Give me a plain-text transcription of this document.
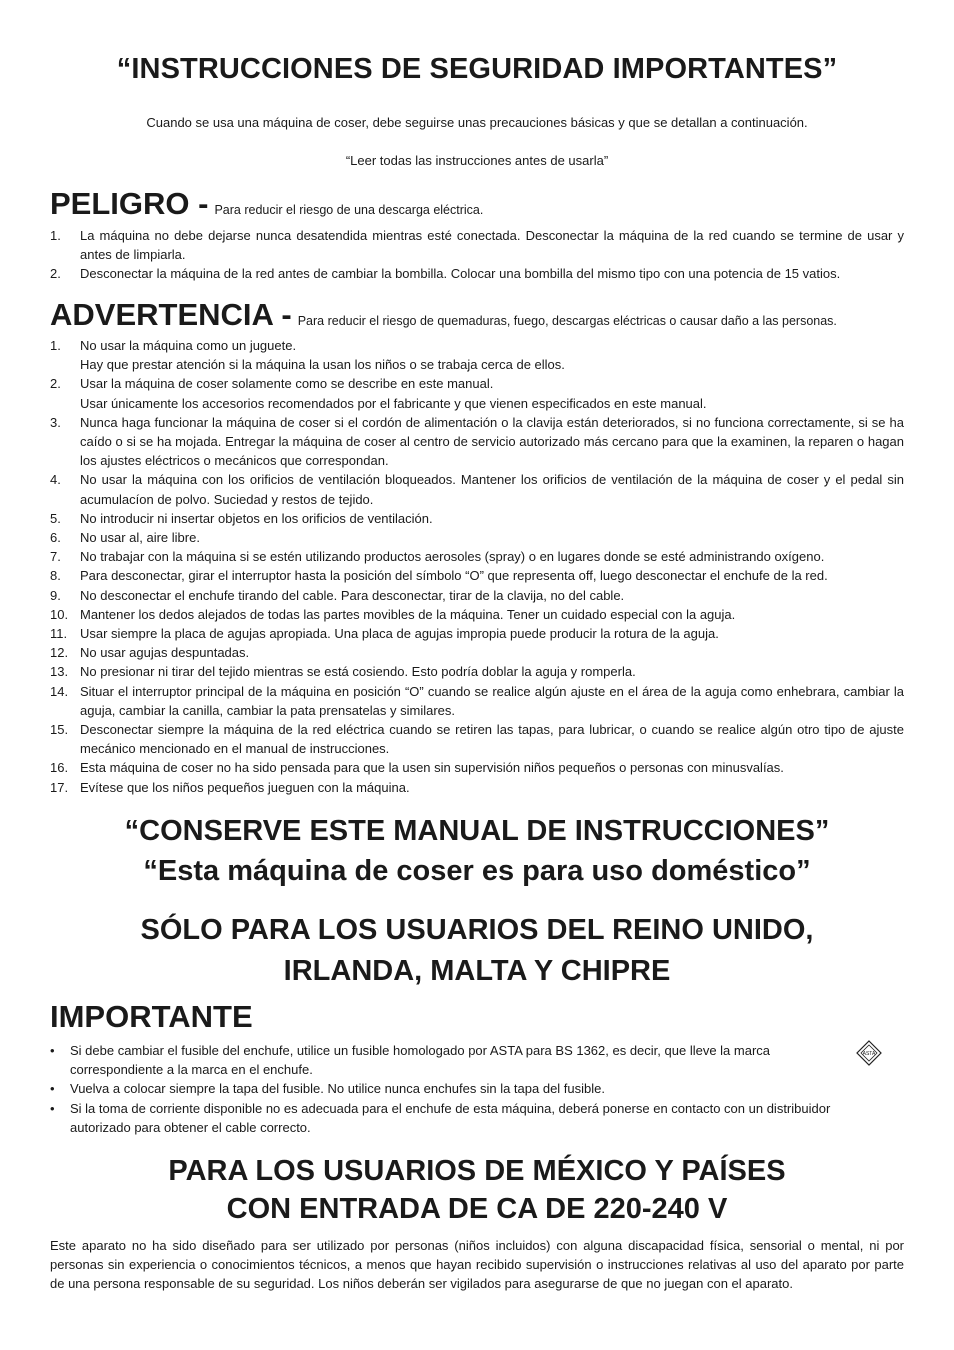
“INSTRUCCIONES DE SEGURIDAD IMPORTANTES”
Cuando se usa una máquina de coser, debe seguirse unas precauciones básicas y que se detallan a continuación.
“Leer todas las instrucciones antes de usarla”
PELIGRO - Para reducir el riesgo de una descarga eléctrica.
1. La máquina no debe dejarse nunca desatendida mientras esté conectada. Desconectar la máquina de la red cuando se termine de usar y antes de limpiarla.
2. Desconectar la máquina de la red antes de cambiar la bombilla. Colocar una bombilla del mismo tipo con una potencia de 15 vatios.
ADVERTENCIA - Para reducir el riesgo de quemaduras, fuego, descargas eléctricas o causar daño a las personas.
1. No usar la máquina como un juguete.
Hay que prestar atención si la máquina la usan los niños o se trabaja cerca de ellos.
2. Usar la máquina de coser solamente como se describe en este manual.
Usar únicamente los accesorios recomendados por el fabricante y que vienen especificados en este manual.
3. Nunca haga funcionar la máquina de coser si el cordón de alimentación o la clavija están deteriorados, si no funciona correctamente, si se ha caído o si se ha mojada. Entregar la máquina de coser al centro de servicio autorizado más cercano para que la examinen, la reparen o hagan los ajustes eléctricos o mecánicos que correspondan.
4. No usar la máquina con los orificios de ventilación bloqueados. Mantener los orificios de ventilación de la máquina de coser y el pedal sin acumulacíon de polvo. Suciedad y restos de tejido.
5. No introducir ni insertar objetos en los orificios de ventilación.
6. No usar al, aire libre.
7. No trabajar con la máquina si se estén utilizando productos aerosoles (spray) o en lugares donde se esté administrando oxígeno.
8. Para desconectar, girar el interruptor hasta la posición del símbolo “O” que representa off, luego desconectar el enchufe de la red.
9. No desconectar el enchufe tirando del cable. Para desconectar, tirar de la clavija, no del cable.
10. Mantener los dedos alejados de todas las partes movibles de la máquina. Tener un cuidado especial con la aguja.
11. Usar siempre la placa de agujas apropiada. Una placa de agujas impropia puede producir la rotura de la aguja.
12. No usar agujas despuntadas.
13. No presionar ni tirar del tejido mientras se está cosiendo. Esto podría doblar la aguja y romperla.
14. Situar el interruptor principal de la máquina en posición “O” cuando se realice algún ajuste en el área de la aguja como enhebrara, cambiar la aguja, cambiar la canilla, cambiar la pata prensatelas y similares.
15. Desconectar siempre la máquina de la red eléctrica cuando se retiren las tapas, para lubricar, o cuando se realice algún otro tipo de ajuste mecánico mencionado en el manual de instrucciones.
16. Esta máquina de coser no ha sido pensada para que la usen sin supervisión niños pequeños o personas con minusvalías.
17. Evítese que los niños pequeños jueguen con la máquina.
“CONSERVE ESTE MANUAL DE INSTRUCCIONES”
“Esta máquina de coser es para uso doméstico”
SÓLO PARA LOS USUARIOS DEL REINO UNIDO,
IRLANDA, MALTA Y CHIPRE
IMPORTANTE
• Si debe cambiar el fusible del enchufe, utilice un fusible homologado por ASTA para BS 1362, es decir, que lleve la marca
correspondiente a la marca en el enchufe.
• Vuelva a colocar siempre la tapa del fusible. No utilice nunca enchufes sin la tapa del fusible.
• Si la toma de corriente disponible no es adecuada para el enchufe de esta máquina, deberá ponerse en contacto con un distribuidor autorizado para obtener el cable correcto.
ASTA
PARA LOS USUARIOS DE MÉXICO Y PAÍSES
CON ENTRADA DE CA DE 220-240 V
Este aparato no ha sido diseñado para ser utilizado por personas (niños incluidos) con alguna discapacidad física, sensorial o mental, ni por personas sin experiencia o conocimientos técnicos, a menos que hayan recibido supervisión o instrucciones relativas al uso del aparato por parte de una persona responsable de su seguridad. Los niños deberán ser vigilados para asegurarse de que no juegan con el aparato.
